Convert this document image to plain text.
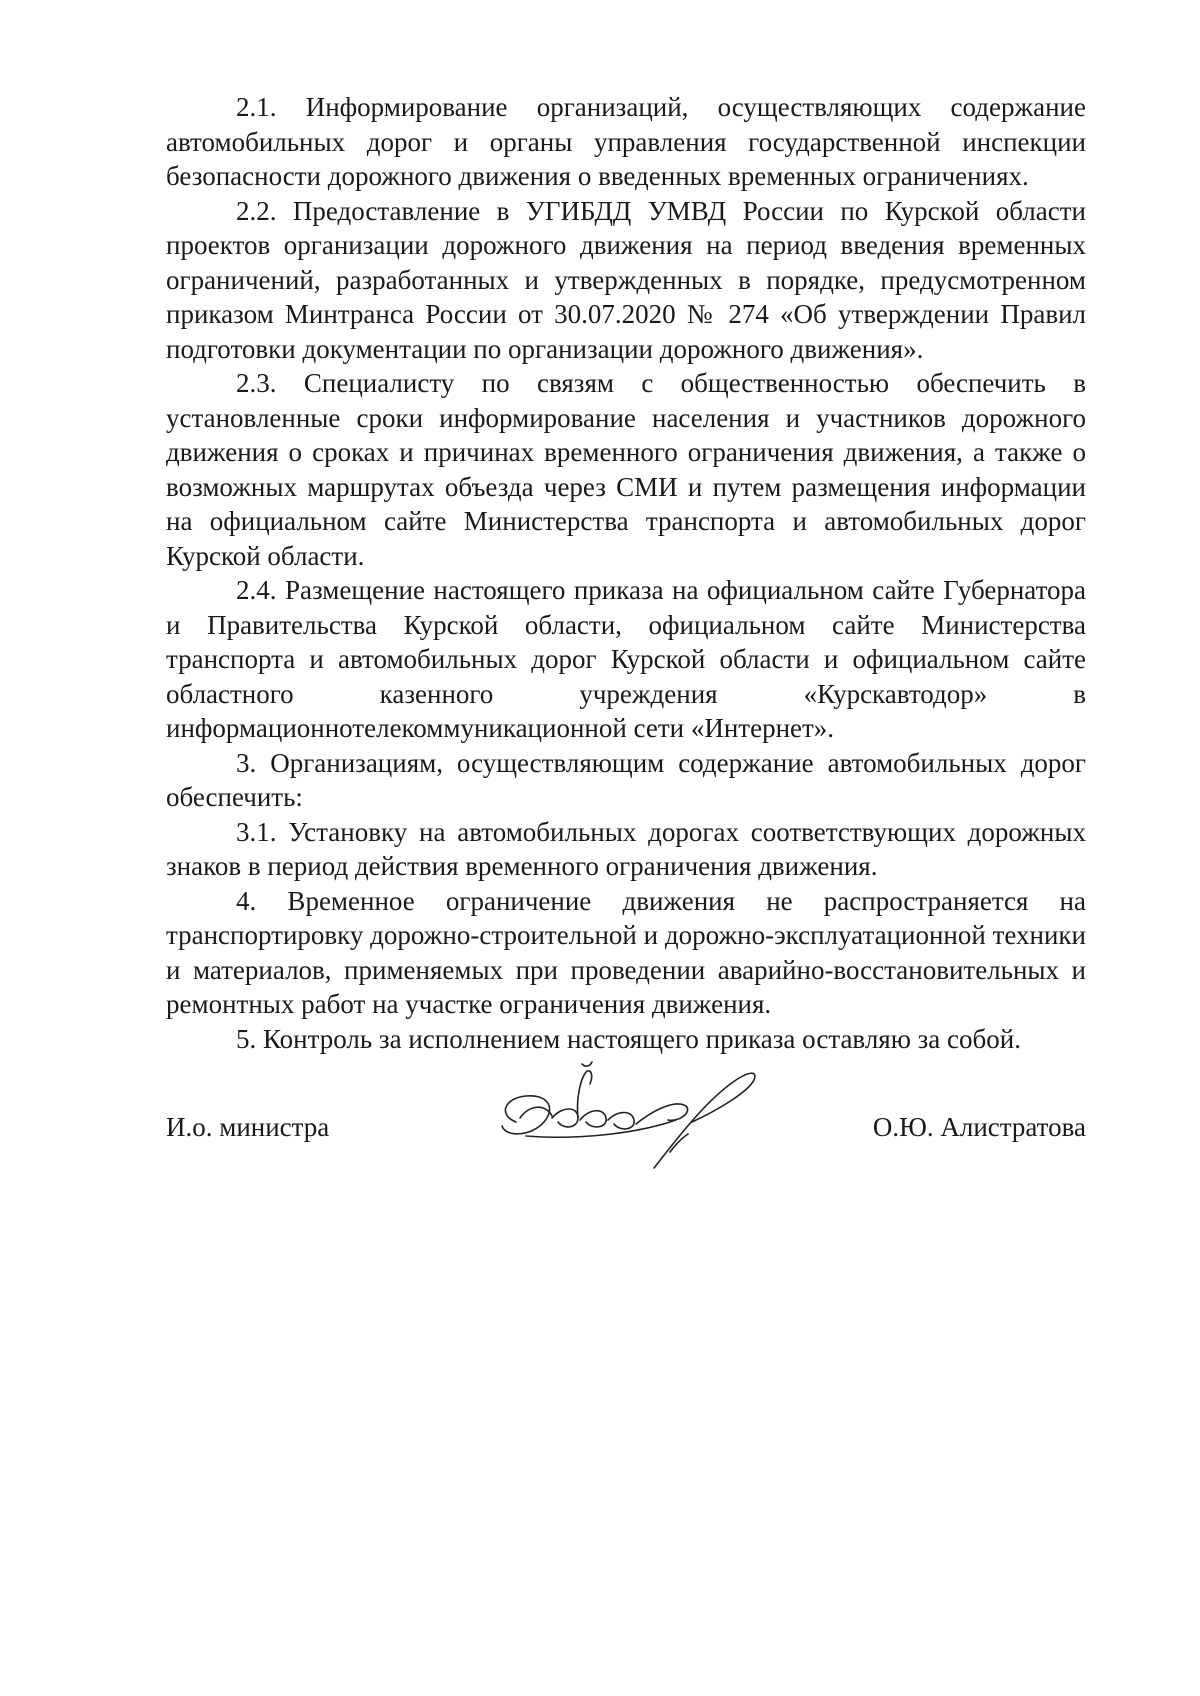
2.1. Информирование организаций, осуществляющих содержание автомобильных дорог и органы управления государственной инспекции безопасности дорожного движения о введенных временных ограничениях.

2.2. Предоставление в УГИБДД УМВД России по Курской области проектов организации дорожного движения на период введения временных ограничений, разработанных и утвержденных в порядке, предусмотренном приказом Минтранса России от 30.07.2020 № 274 «Об утверждении Правил подготовки документации по организации дорожного движения».

2.3. Специалисту по связям с общественностью обеспечить в установленные сроки информирование населения и участников дорожного движения о сроках и причинах временного ограничения движения, а также о возможных маршрутах объезда через СМИ и путем размещения информации на официальном сайте Министерства транспорта и автомобильных дорог Курской области.

2.4. Размещение настоящего приказа на официальном сайте Губернатора и Правительства Курской области, официальном сайте Министерства транспорта и автомобильных дорог Курской области и официальном сайте областного казенного учреждения «Курскавтодор» в информационнотелекоммуникационной сети «Интернет».

3. Организациям, осуществляющим содержание автомобильных дорог обеспечить:

3.1. Установку на автомобильных дорогах соответствующих дорожных знаков в период действия временного ограничения движения.

4. Временное ограничение движения не распространяется на транспортировку дорожно-строительной и дорожно-эксплуатационной техники и материалов, применяемых при проведении аварийно-восстановительных и ремонтных работ на участке ограничения движения.

5. Контроль за исполнением настоящего приказа оставляю за собой.

И.о. министра	О.Ю. Алистратова
